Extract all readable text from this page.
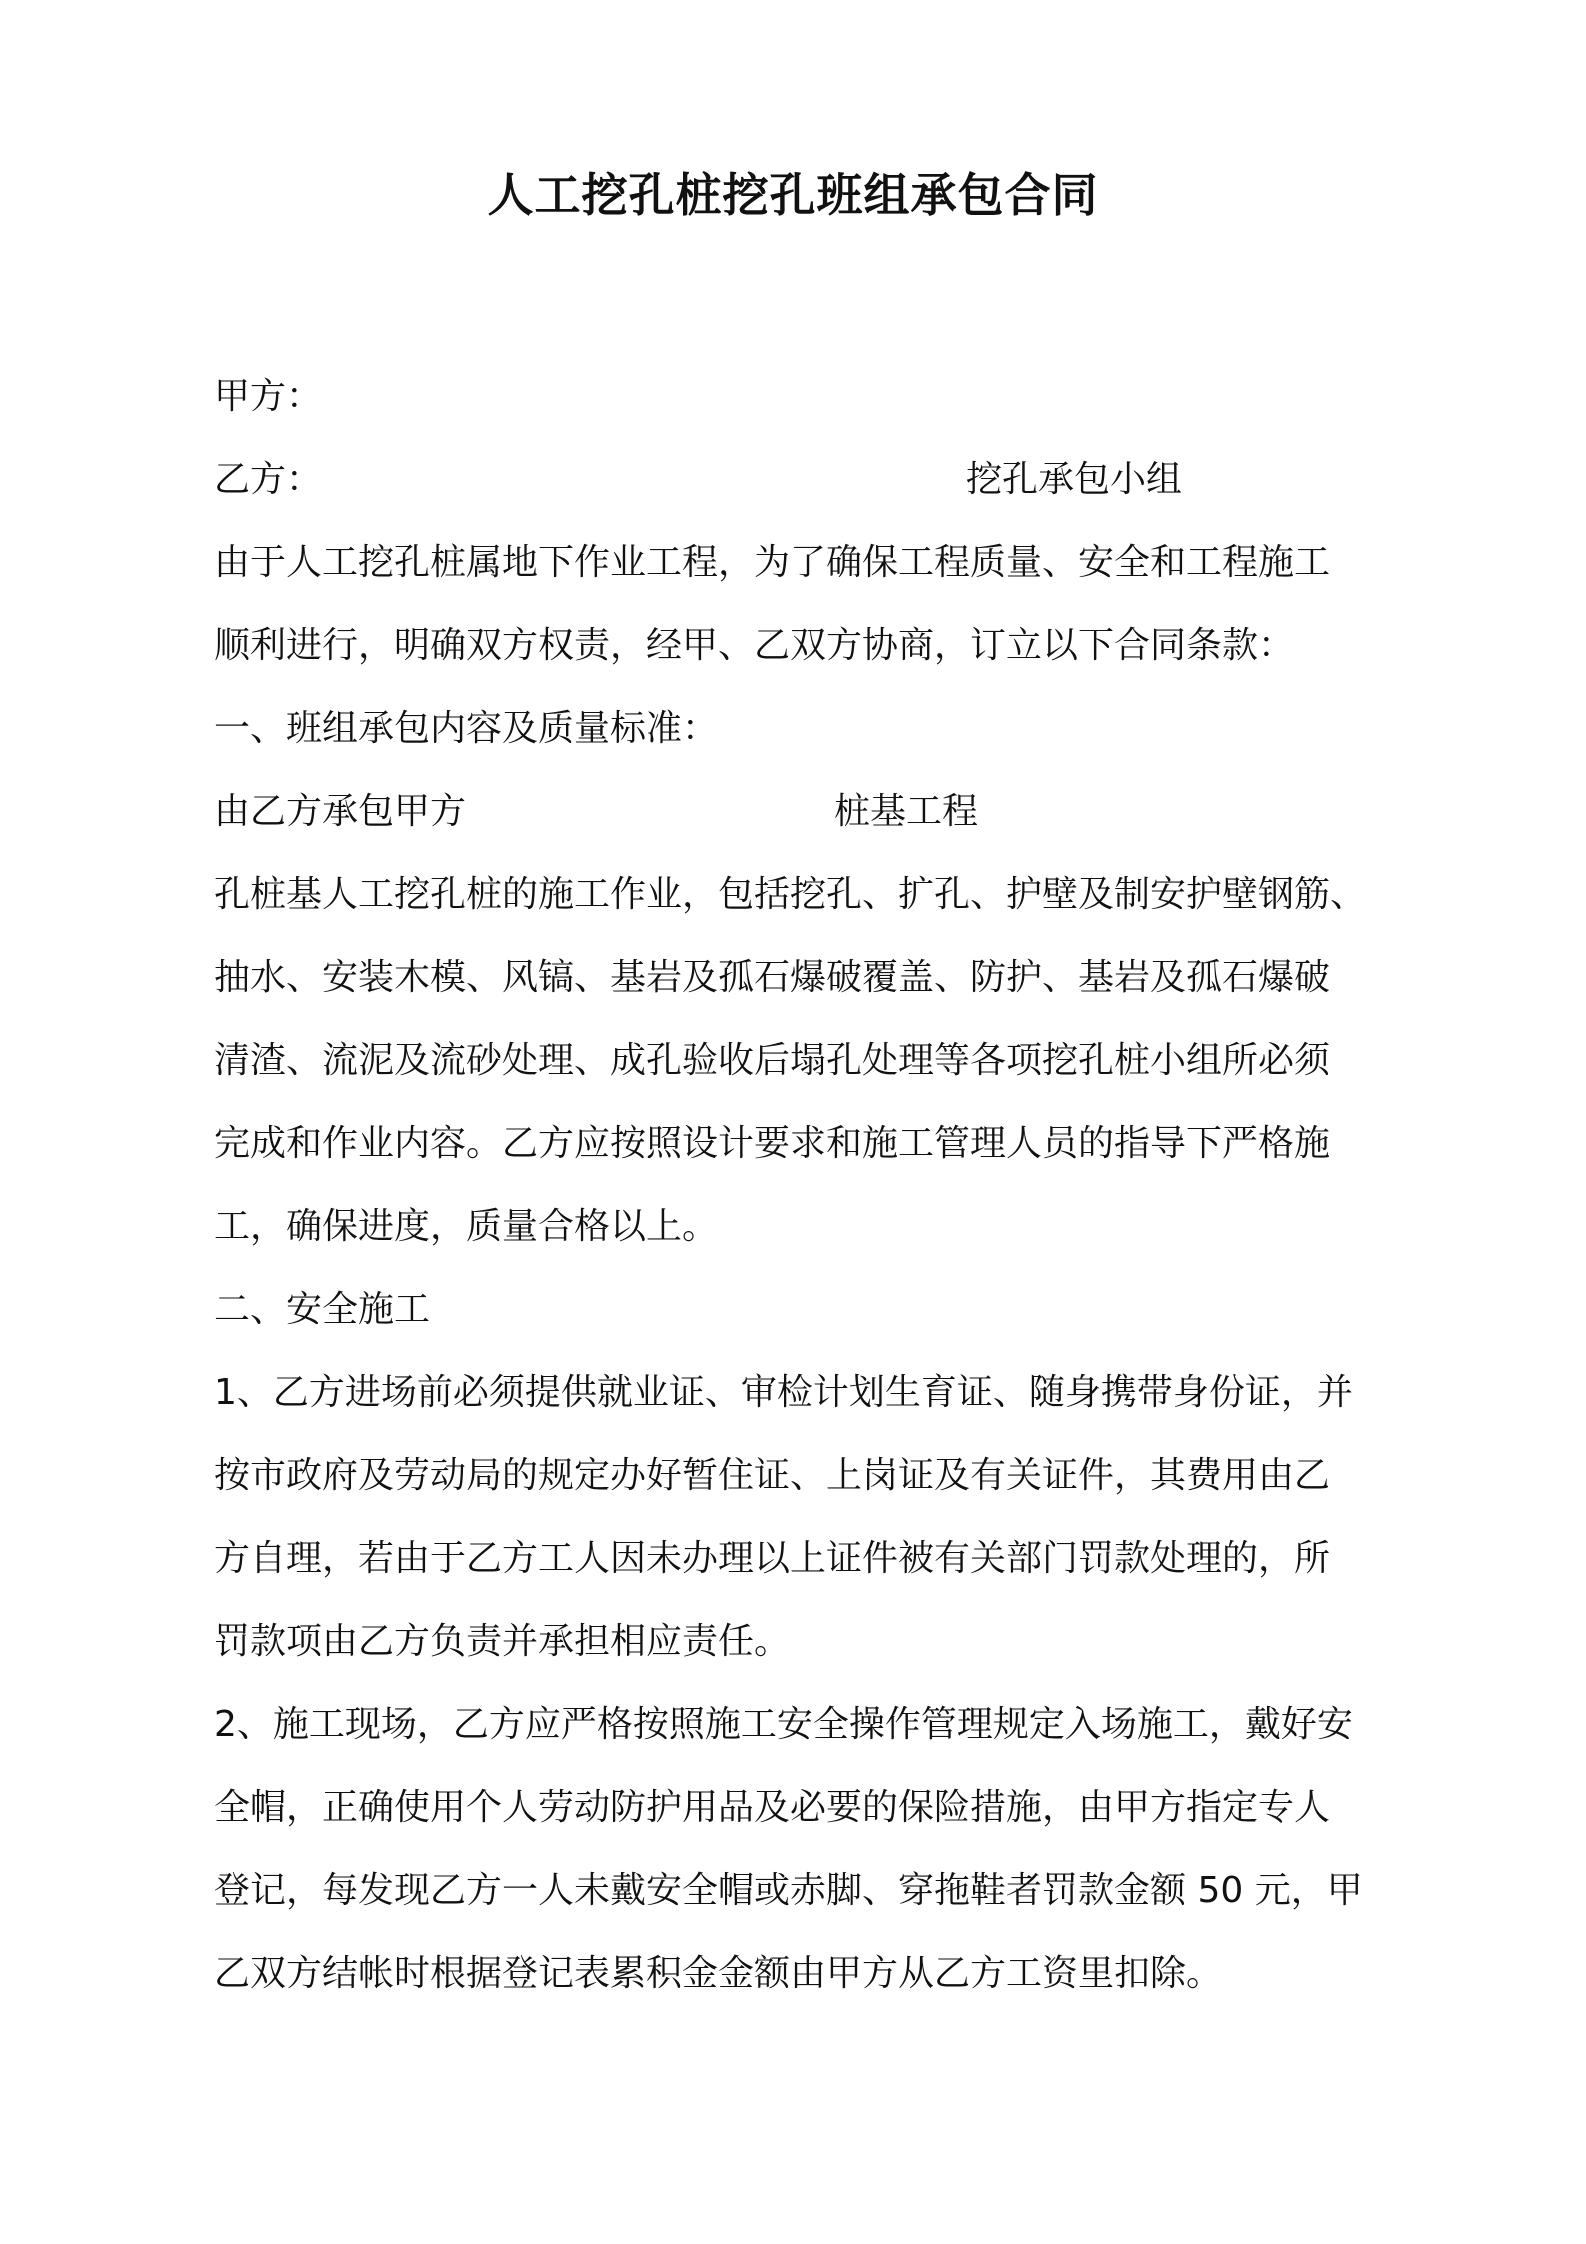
人工挖孔桩挖孔班组承包合同
甲方：
乙方：	挖孔承包小组
由于人工挖孔桩属地下作业工程，为了确保工程质量、安全和工程施工
顺利进行，明确双方权责，经甲、乙双方协商，订立以下合同条款：
一、班组承包内容及质量标准：
由乙方承包甲方	桩基工程
孔桩基人工挖孔桩的施工作业，包括挖孔、扩孔、护壁及制安护壁钢筋、
抽水、安装木模、风镐、基岩及孤石爆破覆盖、防护、基岩及孤石爆破
清渣、流泥及流砂处理、成孔验收后塌孔处理等各项挖孔桩小组所必须
完成和作业内容。乙方应按照设计要求和施工管理人员的指导下严格施
工，确保进度，质量合格以上。
二、安全施工
1、乙方进场前必须提供就业证、审检计划生育证、随身携带身份证，并
按市政府及劳动局的规定办好暂住证、上岗证及有关证件，其费用由乙
方自理，若由于乙方工人因未办理以上证件被有关部门罚款处理的，所
罚款项由乙方负责并承担相应责任。
2、施工现场，乙方应严格按照施工安全操作管理规定入场施工，戴好安
全帽，正确使用个人劳动防护用品及必要的保险措施，由甲方指定专人
登记，每发现乙方一人未戴安全帽或赤脚、穿拖鞋者罚款金额 50 元，甲
乙双方结帐时根据登记表累积金金额由甲方从乙方工资里扣除。
